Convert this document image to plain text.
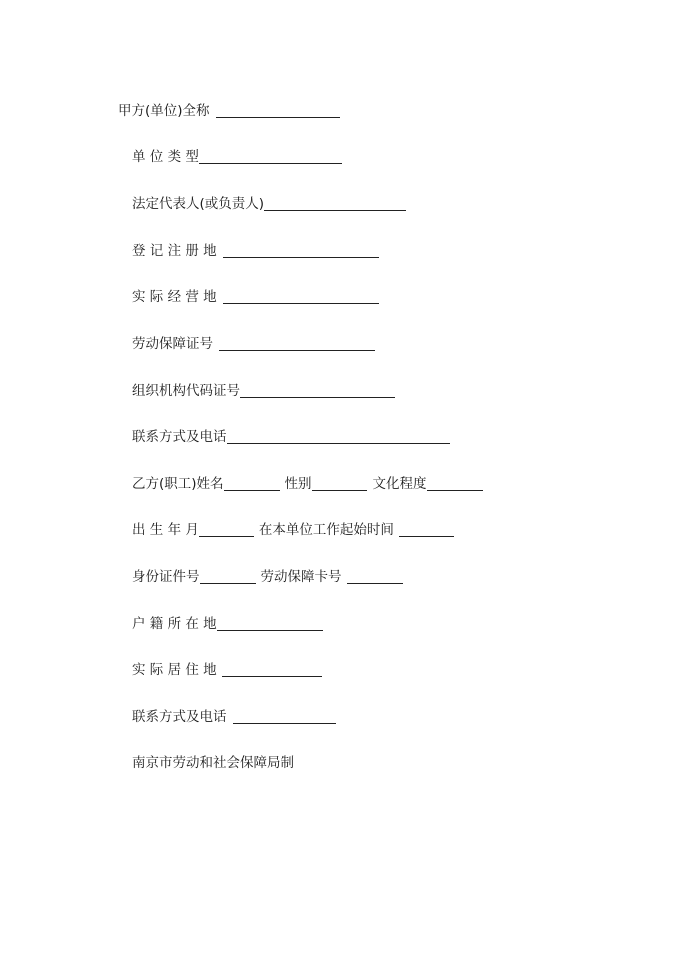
甲方(单位)全称
单 位 类 型
法定代表人(或负责人)
登 记 注 册 地
实 际 经 营 地
劳动保障证号
组织机构代码证号
联系方式及电话
乙方(职工)姓名	性别	文化程度
出 生 年 月	在本单位工作起始时间
身份证件号	劳动保障卡号
户 籍 所 在 地
实 际 居 住 地
联系方式及电话
南京市劳动和社会保障局制
